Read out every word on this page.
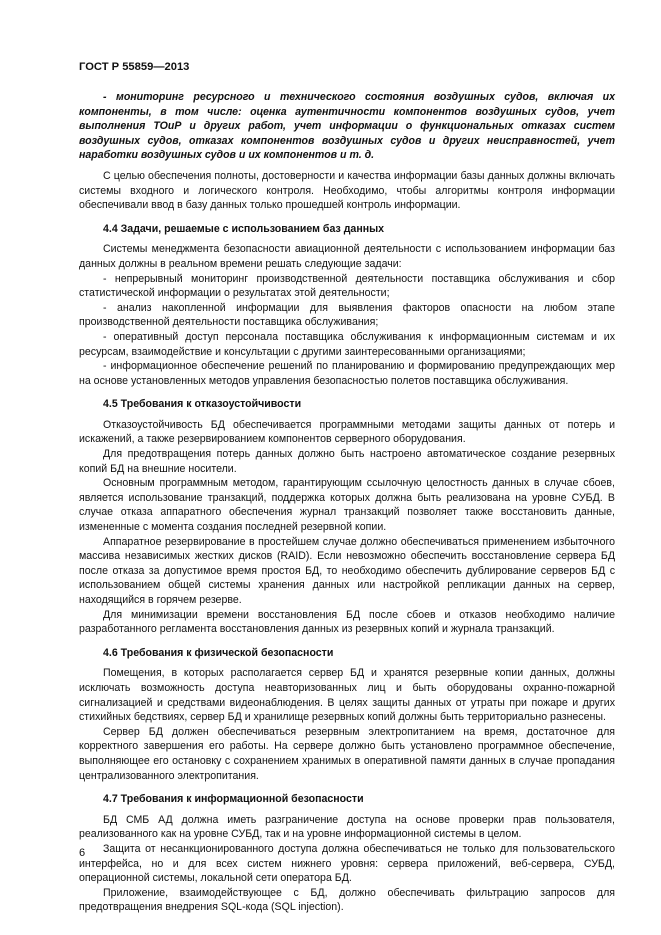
ГОСТ Р 55859—2013

- мониторинг ресурсного и технического состояния воздушных судов, включая их компоненты, в том числе: оценка аутентичности компонентов воздушных судов, учет выполнения ТОиР и других работ, учет информации о функциональных отказах систем воздушных судов, отказах компонентов воздушных судов и других неисправностей, учет наработки воздушных судов и их компонентов и т. д.

С целью обеспечения полноты, достоверности и качества информации базы данных должны включать системы входного и логического контроля. Необходимо, чтобы алгоритмы контроля информации обеспечивали ввод в базу данных только прошедшей контроль информации.

4.4 Задачи, решаемые с использованием баз данных

Системы менеджмента безопасности авиационной деятельности с использованием информации баз данных должны в реальном времени решать следующие задачи:

- непрерывный мониторинг производственной деятельности поставщика обслуживания и сбор статистической информации о результатах этой деятельности;

- анализ накопленной информации для выявления факторов опасности на любом этапе производственной деятельности поставщика обслуживания;

- оперативный доступ персонала поставщика обслуживания к информационным системам и их ресурсам, взаимодействие и консультации с другими заинтересованными организациями;

- информационное обеспечение решений по планированию и формированию предупреждающих мер на основе установленных методов управления безопасностью полетов поставщика обслуживания.

4.5 Требования к отказоустойчивости

Отказоустойчивость БД обеспечивается программными методами защиты данных от потерь и искажений, а также резервированием компонентов серверного оборудования.

Для предотвращения потерь данных должно быть настроено автоматическое создание резервных копий БД на внешние носители.

Основным программным методом, гарантирующим ссылочную целостность данных в случае сбоев, является использование транзакций, поддержка которых должна быть реализована на уровне СУБД. В случае отказа аппаратного обеспечения журнал транзакций позволяет также восстановить данные, измененные с момента создания последней резервной копии.

Аппаратное резервирование в простейшем случае должно обеспечиваться применением избыточного массива независимых жестких дисков (RAID). Если невозможно обеспечить восстановление сервера БД после отказа за допустимое время простоя БД, то необходимо обеспечить дублирование серверов БД с использованием общей системы хранения данных или настройкой репликации данных на сервер, находящийся в горячем резерве.

Для минимизации времени восстановления БД после сбоев и отказов необходимо наличие разработанного регламента восстановления данных из резервных копий и журнала транзакций.

4.6 Требования к физической безопасности

Помещения, в которых располагается сервер БД и хранятся резервные копии данных, должны исключать возможность доступа неавторизованных лиц и быть оборудованы охранно-пожарной сигнализацией и средствами видеонаблюдения. В целях защиты данных от утраты при пожаре и других стихийных бедствиях, сервер БД и хранилище резервных копий должны быть территориально разнесены.

Сервер БД должен обеспечиваться резервным электропитанием на время, достаточное для корректного завершения его работы. На сервере должно быть установлено программное обеспечение, выполняющее его остановку с сохранением хранимых в оперативной памяти данных в случае пропадания централизованного электропитания.

4.7 Требования к информационной безопасности

БД СМБ АД должна иметь разграничение доступа на основе проверки прав пользователя, реализованного как на уровне СУБД, так и на уровне информационной системы в целом.

Защита от несанкционированного доступа должна обеспечиваться не только для пользовательского интерфейса, но и для всех систем нижнего уровня: сервера приложений, веб-сервера, СУБД, операционной системы, локальной сети оператора БД.

Приложение, взаимодействующее с БД, должно обеспечивать фильтрацию запросов для предотвращения внедрения SQL-кода (SQL injection).

6
